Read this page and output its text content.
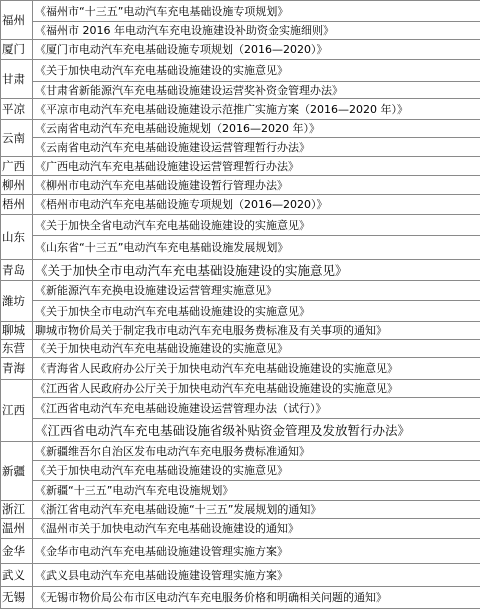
福州	《福州市“十三五”电动汽车充电基础设施专项规划》
	《福州市 2016 年电动汽车充电设施建设补助资金实施细则》
厦门	《厦门市电动汽车充电基础设施专项规划（2016—2020）》
甘肃	《关于加快电动汽车充电基础设施建设的实施意见》
	《甘肃省新能源汽车充电基础设施建设运营奖补资金管理办法》
平凉	《平凉市电动汽车充电基础设施建设示范推广实施方案（2016—2020 年）》
云南	《云南省电动汽车充电基础设施规划（2016—2020 年）》
	《云南省电动汽车充电基础设施建设运营管理暂行办法》
广西	《广西电动汽车充电基础设施建设运营管理暂行办法》
柳州	《柳州市电动汽车充电基础设施建设暂行管理办法》
梧州	《梧州市电动汽车充电基础设施专项规划（2016—2020）》
山东	《关于加快全省电动汽车充电基础设施建设的实施意见》
	《山东省“十三五”电动汽车充电基础设施发展规划》
青岛	《关于加快全市电动汽车充电基础设施建设的实施意见》
潍坊	《新能源汽车充换电设施建设运营管理实施意见》
	《关于加快全市电动汽车充电基础设施建设的实施意见》
聊城	聊城市物价局关于制定我市电动汽车充电服务费标准及有关事项的通知》
东营	《关于加快电动汽车充电基础设施建设的实施意见》
青海	《青海省人民政府办公厅关于加快电动汽车充电基础设施建设的实施意见》
江西	《江西省人民政府办公厅关于加快电动汽车充电基础设施建设的实施意见》
	《江西省电动汽车充电基础设施建设运营管理办法（试行）》
	《江西省电动汽车充电基础设施省级补贴资金管理及发放暂行办法》
新疆	《新疆维吾尔自治区发布电动汽车充电服务费标准通知》
	《关于加快电动汽车充电基础设施建设的实施意见》
	《新疆“十三五”电动汽车充电设施规划》
浙江	《浙江省电动汽车充电基础设施“十三五”发展规划的通知》
温州	《温州市关于加快电动汽车充电基础设施建设的通知》
金华	《金华市电动汽车充电基础设施建设管理实施方案》
武义	《武义县电动汽车充电基础设施建设管理实施方案》
无锡	《无锡市物价局公布市区电动汽车充电服务价格和明确相关问题的通知》
